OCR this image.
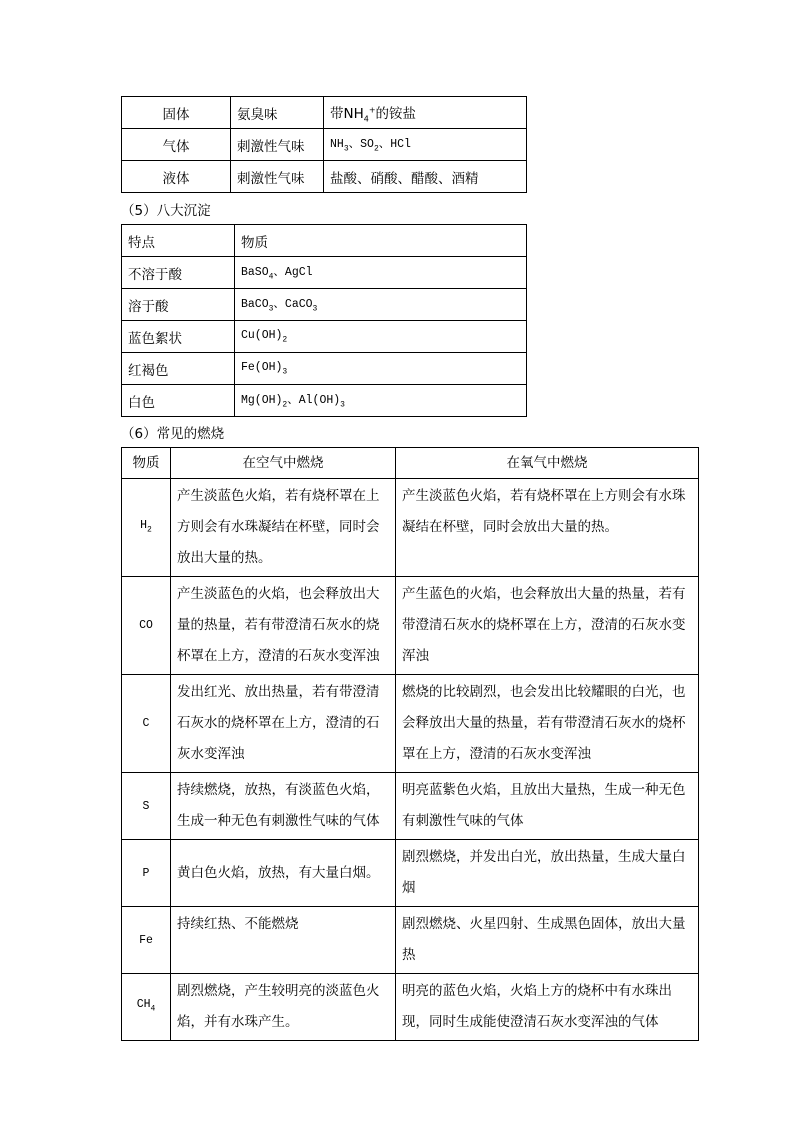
固体	氨臭味	带$NH_4^+$的铵盐
气体	刺激性气味	$NH_3$、$SO_2$、HCl
液体	刺激性气味	盐酸、硝酸、醋酸、酒精
（5）八大沉淀
特点	物质
不溶于酸	BaSO$_4$、AgCl
溶于酸	BaCO$_3$、CaCO$_3$
蓝色絮状	$Cu(OH)_2$
红褐色	$Fe(OH)_3$
白色	$Mg(OH)_2$、$Al(OH)_3$
（6）常见的燃烧
物质	在空气中燃烧	在氧气中燃烧
$H_2$	产生淡蓝色火焰，若有烧杯罩在上方则会有水珠凝结在杯壁，同时会放出大量的热。	产生淡蓝色火焰，若有烧杯罩在上方则会有水珠凝结在杯壁，同时会放出大量的热。
CO	产生淡蓝色的火焰，也会释放出大量的热量，若有带澄清石灰水的烧杯罩在上方，澄清的石灰水变浑浊	产生蓝色的火焰，也会释放出大量的热量，若有带澄清石灰水的烧杯罩在上方，澄清的石灰水变浑浊
C	发出红光、放出热量，若有带澄清石灰水的烧杯罩在上方，澄清的石灰水变浑浊	燃烧的比较剧烈，也会发出比较耀眼的白光，也会释放出大量的热量，若有带澄清石灰水的烧杯罩在上方，澄清的石灰水变浑浊
S	持续燃烧，放热，有淡蓝色火焰，生成一种无色有刺激性气味的气体	明亮蓝紫色火焰，且放出大量热，生成一种无色有刺激性气味的气体
P	黄白色火焰，放热，有大量白烟。	剧烈燃烧，并发出白光，放出热量，生成大量白烟
Fe	持续红热、不能燃烧	剧烈燃烧、火星四射、生成黑色固体，放出大量热
$CH_4$	剧烈燃烧，产生较明亮的淡蓝色火焰，并有水珠产生。	明亮的蓝色火焰，火焰上方的烧杯中有水珠出现，同时生成能使澄清石灰水变浑浊的气体
